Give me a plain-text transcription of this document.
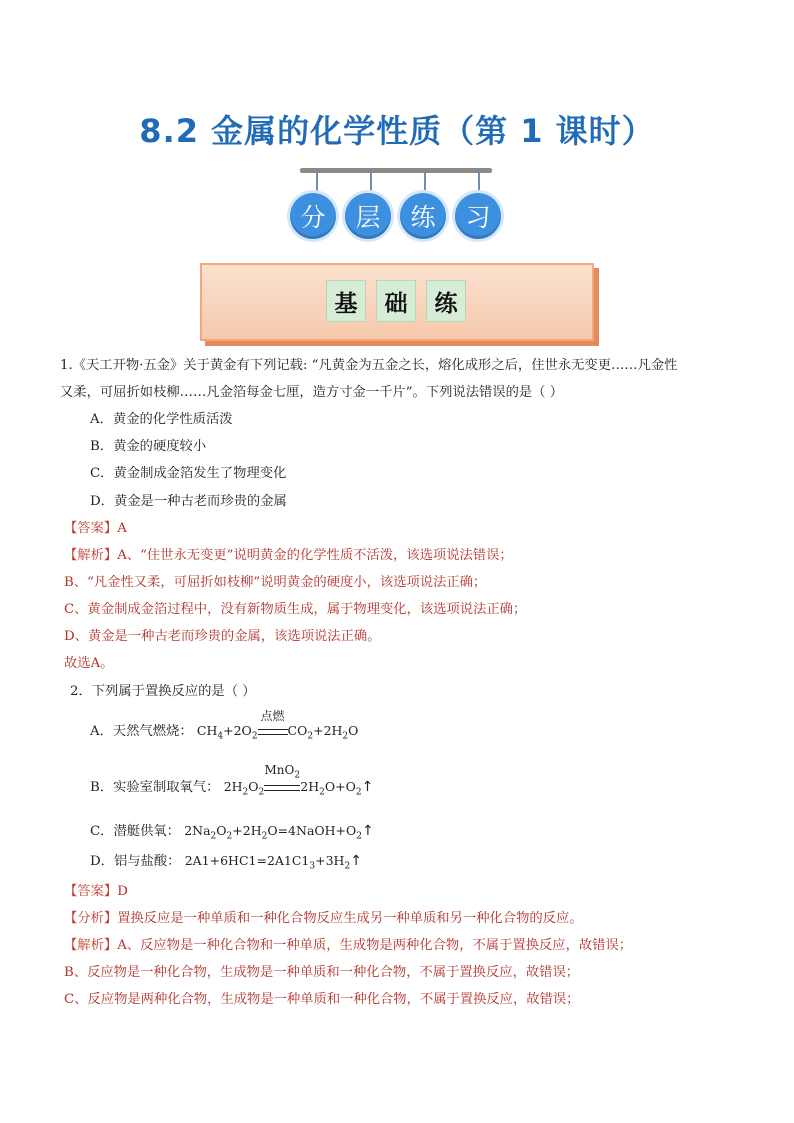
8.2 金属的化学性质（第 1 课时）
分	层	练	习
基	础	练
1.《天工开物·五金》关于黄金有下列记载: “凡黄金为五金之长，熔化成形之后，住世永无变更……凡金性
又柔，可屈折如枝柳……凡金箔每金七厘，造方寸金一千片”。下列说法错误的是（ ）
A．黄金的化学性质活泼
B．黄金的硬度较小
C．黄金制成金箔发生了物理变化
D．黄金是一种古老而珍贵的金属
【答案】A
【解析】A、“住世永无变更”说明黄金的化学性质不活泼，该选项说法错误；
B、“凡金性又柔，可屈折如枝柳”说明黄金的硬度小，该选项说法正确；
C、黄金制成金箔过程中，没有新物质生成，属于物理变化，该选项说法正确；
D、黄金是一种古老而珍贵的金属，该选项说法正确。
故选A。
2．下列属于置换反应的是（ ）
A．天然气燃烧： $CH_4+2O_2$
点燃
$CO_2+2H_2O$
B．实验室制取氧气： $2H_2O_2$
MnO$_2$
$2H_2O+O_2↑$
C．潜艇供氧： $2Na_2O_2+2H_2O=4NaOH+O_2↑$
D．铝与盐酸： $2A1+6HC1=2A1C1_3+3H_2↑$
【答案】D
【分析】置换反应是一种单质和一种化合物反应生成另一种单质和另一种化合物的反应。
【解析】A、反应物是一种化合物和一种单质，生成物是两种化合物，不属于置换反应，故错误；
B、反应物是一种化合物，生成物是一种单质和一种化合物，不属于置换反应，故错误；
C、反应物是两种化合物，生成物是一种单质和一种化合物，不属于置换反应，故错误；
